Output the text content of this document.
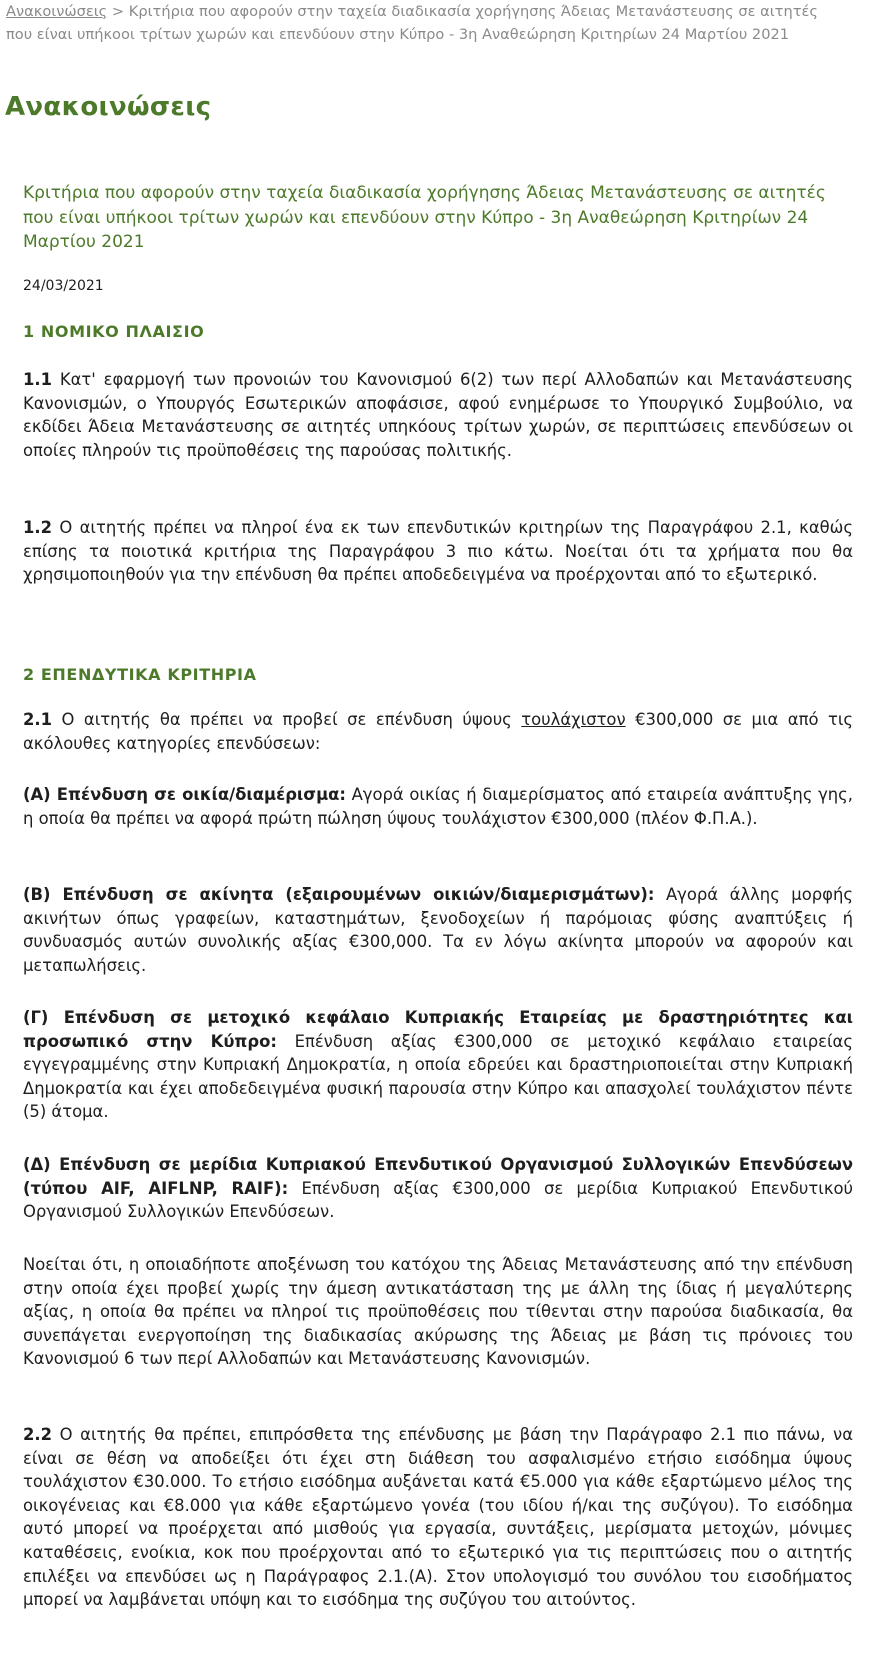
Ανακοινώσεις > Κριτήρια που αφορούν στην ταχεία διαδικασία χορήγησης Άδειας Μετανάστευσης σε αιτητές που είναι υπήκοοι τρίτων χωρών και επενδύουν στην Κύπρο - 3η Αναθεώρηση Κριτηρίων 24 Μαρτίου 2021
Ανακοινώσεις
Κριτήρια που αφορούν στην ταχεία διαδικασία χορήγησης Άδειας Μετανάστευσης σε αιτητές που είναι υπήκοοι τρίτων χωρών και επενδύουν στην Κύπρο - 3η Αναθεώρηση Κριτηρίων 24 Μαρτίου 2021
24/03/2021
1 ΝΟΜΙΚΟ ΠΛΑΙΣΙΟ

1.1 Κατ' εφαρμογή των προνοιών του Κανονισμού 6(2) των περί Αλλοδαπών και Μετανάστευσης Κανονισμών, ο Υπουργός Εσωτερικών αποφάσισε, αφού ενημέρωσε το Υπουργικό Συμβούλιο, να εκδίδει Άδεια Μετανάστευσης σε αιτητές υπηκόους τρίτων χωρών, σε περιπτώσεις επενδύσεων οι οποίες πληρούν τις προϋποθέσεις της παρούσας πολιτικής.

1.2 Ο αιτητής πρέπει να πληροί ένα εκ των επενδυτικών κριτηρίων της Παραγράφου 2.1, καθώς επίσης τα ποιοτικά κριτήρια της Παραγράφου 3 πιο κάτω. Νοείται ότι τα χρήματα που θα χρησιμοποιηθούν για την επένδυση θα πρέπει αποδεδειγμένα να προέρχονται από το εξωτερικό.

2 ΕΠΕΝΔΥΤΙΚΑ ΚΡΙΤΗΡΙΑ

2.1 Ο αιτητής θα πρέπει να προβεί σε επένδυση ύψους τουλάχιστον €300,000 σε μια από τις ακόλουθες κατηγορίες επενδύσεων:

(Α) Επένδυση σε οικία/διαμέρισμα: Αγορά οικίας ή διαμερίσματος από εταιρεία ανάπτυξης γης, η οποία θα πρέπει να αφορά πρώτη πώληση ύψους τουλάχιστον €300,000 (πλέον Φ.Π.Α.).

(Β) Επένδυση σε ακίνητα (εξαιρουμένων οικιών/διαμερισμάτων): Αγορά άλλης μορφής ακινήτων όπως γραφείων, καταστημάτων, ξενοδοχείων ή παρόμοιας φύσης αναπτύξεις ή συνδυασμός αυτών συνολικής αξίας €300,000. Τα εν λόγω ακίνητα μπορούν να αφορούν και μεταπωλήσεις.

(Γ) Επένδυση σε μετοχικό κεφάλαιο Κυπριακής Εταιρείας με δραστηριότητες και προσωπικό στην Κύπρο: Επένδυση αξίας €300,000 σε μετοχικό κεφάλαιο εταιρείας εγγεγραμμένης στην Κυπριακή Δημοκρατία, η οποία εδρεύει και δραστηριοποιείται στην Κυπριακή Δημοκρατία και έχει αποδεδειγμένα φυσική παρουσία στην Κύπρο και απασχολεί τουλάχιστον πέντε (5) άτομα.

(Δ) Επένδυση σε μερίδια Κυπριακού Επενδυτικού Οργανισμού Συλλογικών Επενδύσεων (τύπου AIF, AIFLNP, RAIF): Επένδυση αξίας €300,000 σε μερίδια Κυπριακού Επενδυτικού Οργανισμού Συλλογικών Επενδύσεων.

Νοείται ότι, η οποιαδήποτε αποξένωση του κατόχου της Άδειας Μετανάστευσης από την επένδυση στην οποία έχει προβεί χωρίς την άμεση αντικατάσταση της με άλλη της ίδιας ή μεγαλύτερης αξίας, η οποία θα πρέπει να πληροί τις προϋποθέσεις που τίθενται στην παρούσα διαδικασία, θα συνεπάγεται ενεργοποίηση της διαδικασίας ακύρωσης της Άδειας με βάση τις πρόνοιες του Κανονισμού 6 των περί Αλλοδαπών και Μετανάστευσης Κανονισμών.

2.2 Ο αιτητής θα πρέπει, επιπρόσθετα της επένδυσης με βάση την Παράγραφο 2.1 πιο πάνω, να είναι σε θέση να αποδείξει ότι έχει στη διάθεση του ασφαλισμένο ετήσιο εισόδημα ύψους τουλάχιστον €30.000. Το ετήσιο εισόδημα αυξάνεται κατά €5.000 για κάθε εξαρτώμενο μέλος της οικογένειας και €8.000 για κάθε εξαρτώμενο γονέα (του ιδίου ή/και της συζύγου). Το εισόδημα αυτό μπορεί να προέρχεται από μισθούς για εργασία, συντάξεις, μερίσματα μετοχών, μόνιμες καταθέσεις, ενοίκια, κοκ που προέρχονται από το εξωτερικό για τις περιπτώσεις που ο αιτητής επιλέξει να επενδύσει ως η Παράγραφος 2.1.(Α). Στον υπολογισμό του συνόλου του εισοδήματος μπορεί να λαμβάνεται υπόψη και το εισόδημα της συζύγου του αιτούντος.
